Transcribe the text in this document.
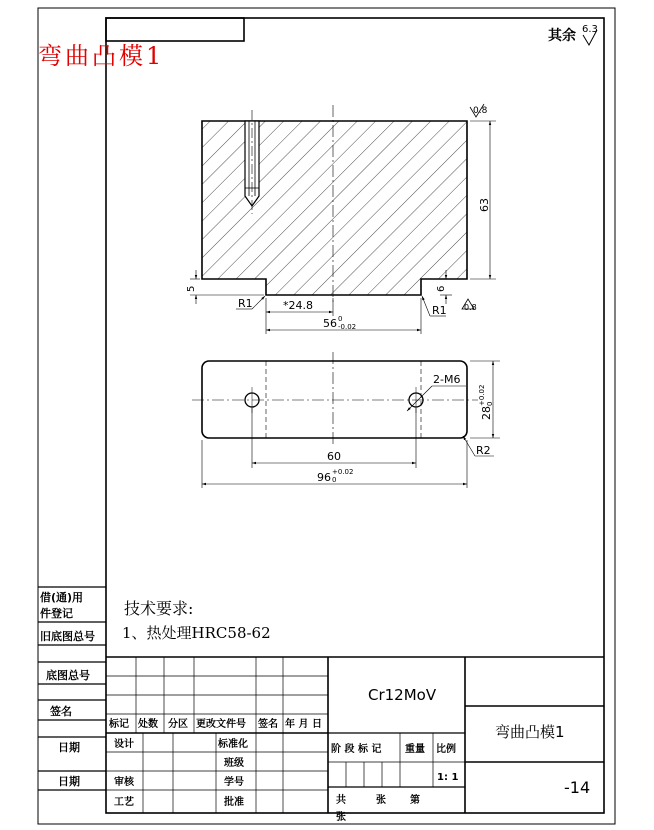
弯曲凸模1
其余 6.3
63
0.8
5	6
0.8
R1
R1
*24.8
56 0
-0.02
2-M6
28
+0.02 0
R2
60
96 +0.02
0
借(通)用
件登记
旧底图总号
底图总号
签名
日期
日期
技术要求:
1、热处理HRC58-62
标记 处数 分区 更改文件号 签名 年 月 日
设计	标准化
班级
审核	学号
工艺	批准
Cr12MoV
阶 段 标 记 重量 比例
1: 1
共	张 第
张
弯曲凸模1
-14
